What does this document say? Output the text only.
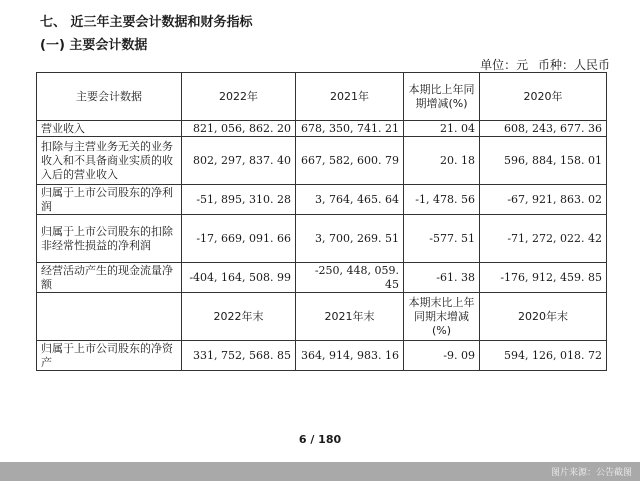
七、 近三年主要会计数据和财务指标
(一) 主要会计数据
单位：元 币种：人民币
主要会计数据	2022年	2021年	本期比上年同期增减(%)	2020年
营业收入	821, 056, 862. 20	678, 350, 741. 21	21. 04	608, 243, 677. 36
扣除与主营业务无关的业务收入和不具备商业实质的收入后的营业收入	802, 297, 837. 40	667, 582, 600. 79	20. 18	596, 884, 158. 01
归属于上市公司股东的净利润	-51, 895, 310. 28	3, 764, 465. 64	-1, 478. 56	-67, 921, 863. 02
归属于上市公司股东的扣除非经常性损益的净利润	-17, 669, 091. 66	3, 700, 269. 51	-577. 51	-71, 272, 022. 42
经营活动产生的现金流量净额	-404, 164, 508. 99	-250, 448, 059. 45	-61. 38	-176, 912, 459. 85
	2022年末	2021年末	本期末比上年同期末增减(%)	2020年末
归属于上市公司股东的净资产	331, 752, 568. 85	364, 914, 983. 16	-9. 09	594, 126, 018. 72
6 / 180
图片来源：公告截图
